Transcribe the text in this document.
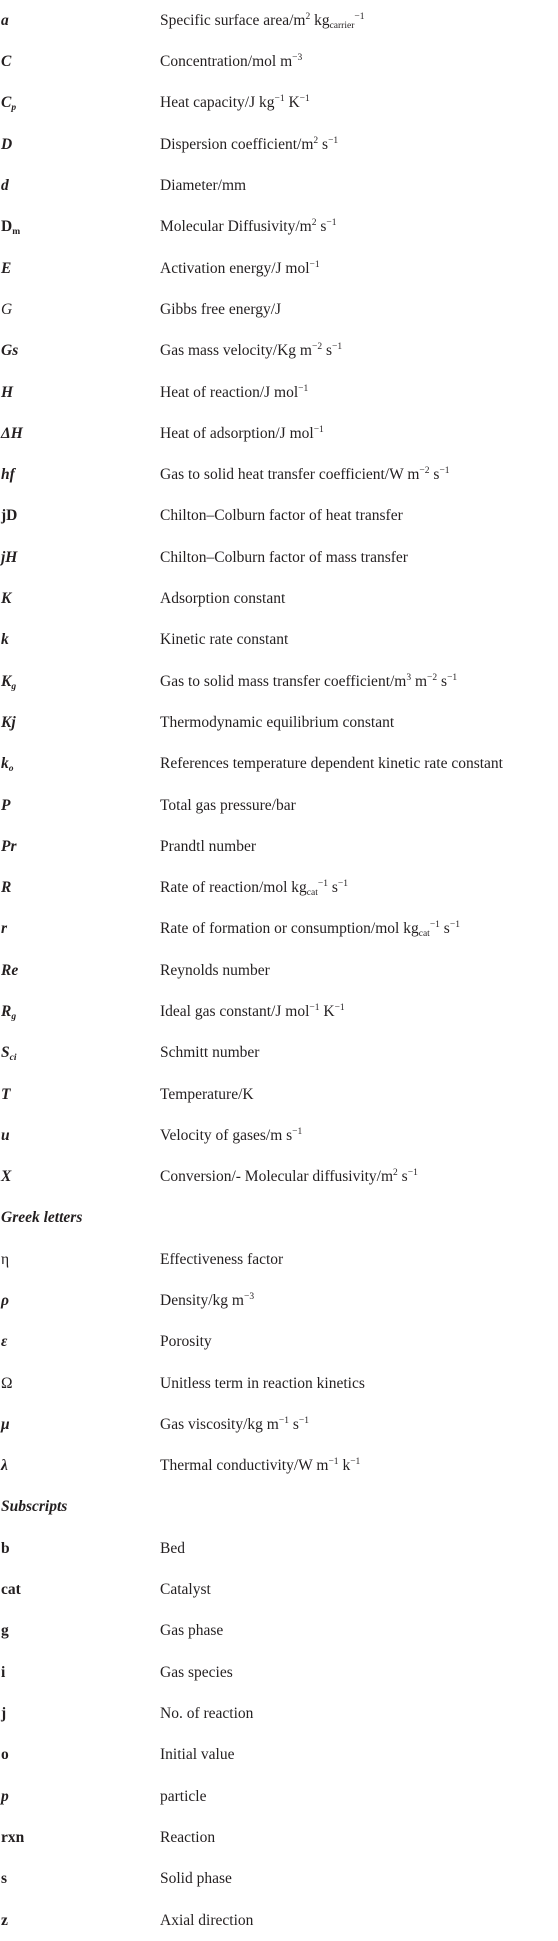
a	Specific surface area/$m^2$ $kg_{carrier}^{-1}$
C	Concentration/mol $m^{-3}$
$C_p$	Heat capacity/J $kg^{-1}$ $K^{-1}$
D	Dispersion coefficient/$m^2$ $s^{-1}$
d	Diameter/mm
$D_m$	Molecular Diffusivity/$m^2$ $s^{-1}$
E	Activation energy/J mol$^{-1}$
G	Gibbs free energy/J
Gs	Gas mass velocity/Kg $m^{-2}$ $s^{-1}$
H	Heat of reaction/J mol$^{-1}$
ΔH	Heat of adsorption/J mol$^{-1}$
hf	Gas to solid heat transfer coefficient/W $m^{-2}$ $s^{-1}$
jD	Chilton–Colburn factor of heat transfer
jH	Chilton–Colburn factor of mass transfer
K	Adsorption constant
k	Kinetic rate constant
$K_g$	Gas to solid mass transfer coefficient/$m^3$ $m^{-2}$ $s^{-1}$
Kj	Thermodynamic equilibrium constant
$k_o$	References temperature dependent kinetic rate constant
P	Total gas pressure/bar
Pr	Prandtl number
R	Rate of reaction/mol $kg_{cat}^{-1}$ $s^{-1}$
r	Rate of formation or consumption/mol $kg_{cat}^{-1}$ $s^{-1}$
Re	Reynolds number
$R_g$	Ideal gas constant/J mol$^{-1}$ $K^{-1}$
$S_{ci}$	Schmitt number
T	Temperature/K
u	Velocity of gases/m $s^{-1}$
X	Conversion/- Molecular diffusivity/$m^2$ $s^{-1}$
Greek letters
η	Effectiveness factor
ρ	Density/kg $m^{-3}$
ε	Porosity
Ω	Unitless term in reaction kinetics
μ	Gas viscosity/kg $m^{-1}$ $s^{-1}$
λ	Thermal conductivity/W $m^{-1}$ $k^{-1}$
Subscripts
b	Bed
cat	Catalyst
g	Gas phase
i	Gas species
j	No. of reaction
o	Initial value
p	particle
rxn	Reaction
s	Solid phase
z	Axial direction
